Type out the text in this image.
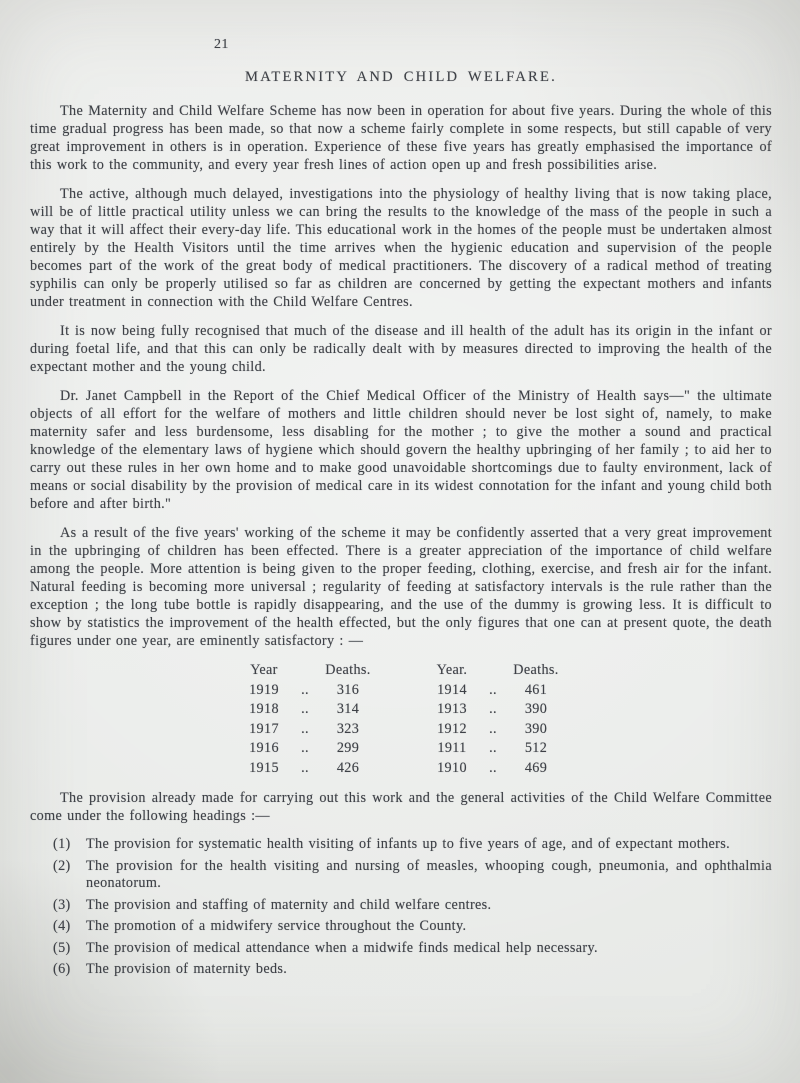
21
MATERNITY AND CHILD WELFARE.

The Maternity and Child Welfare Scheme has now been in operation for about five years. During the whole of this time gradual progress has been made, so that now a scheme fairly complete in some respects, but still capable of very great improvement in others is in operation. Experience of these five years has greatly emphasised the importance of this work to the community, and every year fresh lines of action open up and fresh possibilities arise.

The active, although much delayed, investigations into the physiology of healthy living that is now taking place, will be of little practical utility unless we can bring the results to the knowledge of the mass of the people in such a way that it will affect their every-day life. This educational work in the homes of the people must be undertaken almost entirely by the Health Visitors until the time arrives when the hygienic education and supervision of the people becomes part of the work of the great body of medical practitioners. The discovery of a radical method of treating syphilis can only be properly utilised so far as children are concerned by getting the expectant mothers and infants under treatment in connection with the Child Welfare Centres.

It is now being fully recognised that much of the disease and ill health of the adult has its origin in the infant or during foetal life, and that this can only be radically dealt with by measures directed to improving the health of the expectant mother and the young child.

Dr. Janet Campbell in the Report of the Chief Medical Officer of the Ministry of Health says—" the ultimate objects of all effort for the welfare of mothers and little children should never be lost sight of, namely, to make maternity safer and less burdensome, less disabling for the mother ; to give the mother a sound and practical knowledge of the elementary laws of hygiene which should govern the healthy upbringing of her family ; to aid her to carry out these rules in her own home and to make good unavoidable shortcomings due to faulty environment, lack of means or social disability by the provision of medical care in its widest connotation for the infant and young child both before and after birth."

As a result of the five years' working of the scheme it may be confidently asserted that a very great improvement in the upbringing of children has been effected. There is a greater appreciation of the importance of child welfare among the people. More attention is being given to the proper feeding, clothing, exercise, and fresh air for the infant. Natural feeding is becoming more universal ; regularity of feeding at satisfactory intervals is the rule rather than the exception ; the long tube bottle is rapidly disappearing, and the use of the dummy is growing less. It is difficult to show by statistics the improvement of the health effected, but the only figures that one can at present quote, the death figures under one year, are eminently satisfactory : —

Year	Deaths.	Year.	Deaths.
1919	..	316	1914	..	461
1918	..	314	1913	..	390
1917	..	323	1912	..	390
1916	..	299	1911	..	512
1915	..	426	1910	..	469

The provision already made for carrying out this work and the general activities of the Child Welfare Committee come under the following headings :—

(1)	The provision for systematic health visiting of infants up to five years of age, and of expectant mothers.
(2)	The provision for the health visiting and nursing of measles, whooping cough, pneumonia, and ophthalmia neonatorum.
(3)	The provision and staffing of maternity and child welfare centres.
(4)	The promotion of a midwifery service throughout the County.
(5)	The provision of medical attendance when a midwife finds medical help necessary.
(6)	The provision of maternity beds.
